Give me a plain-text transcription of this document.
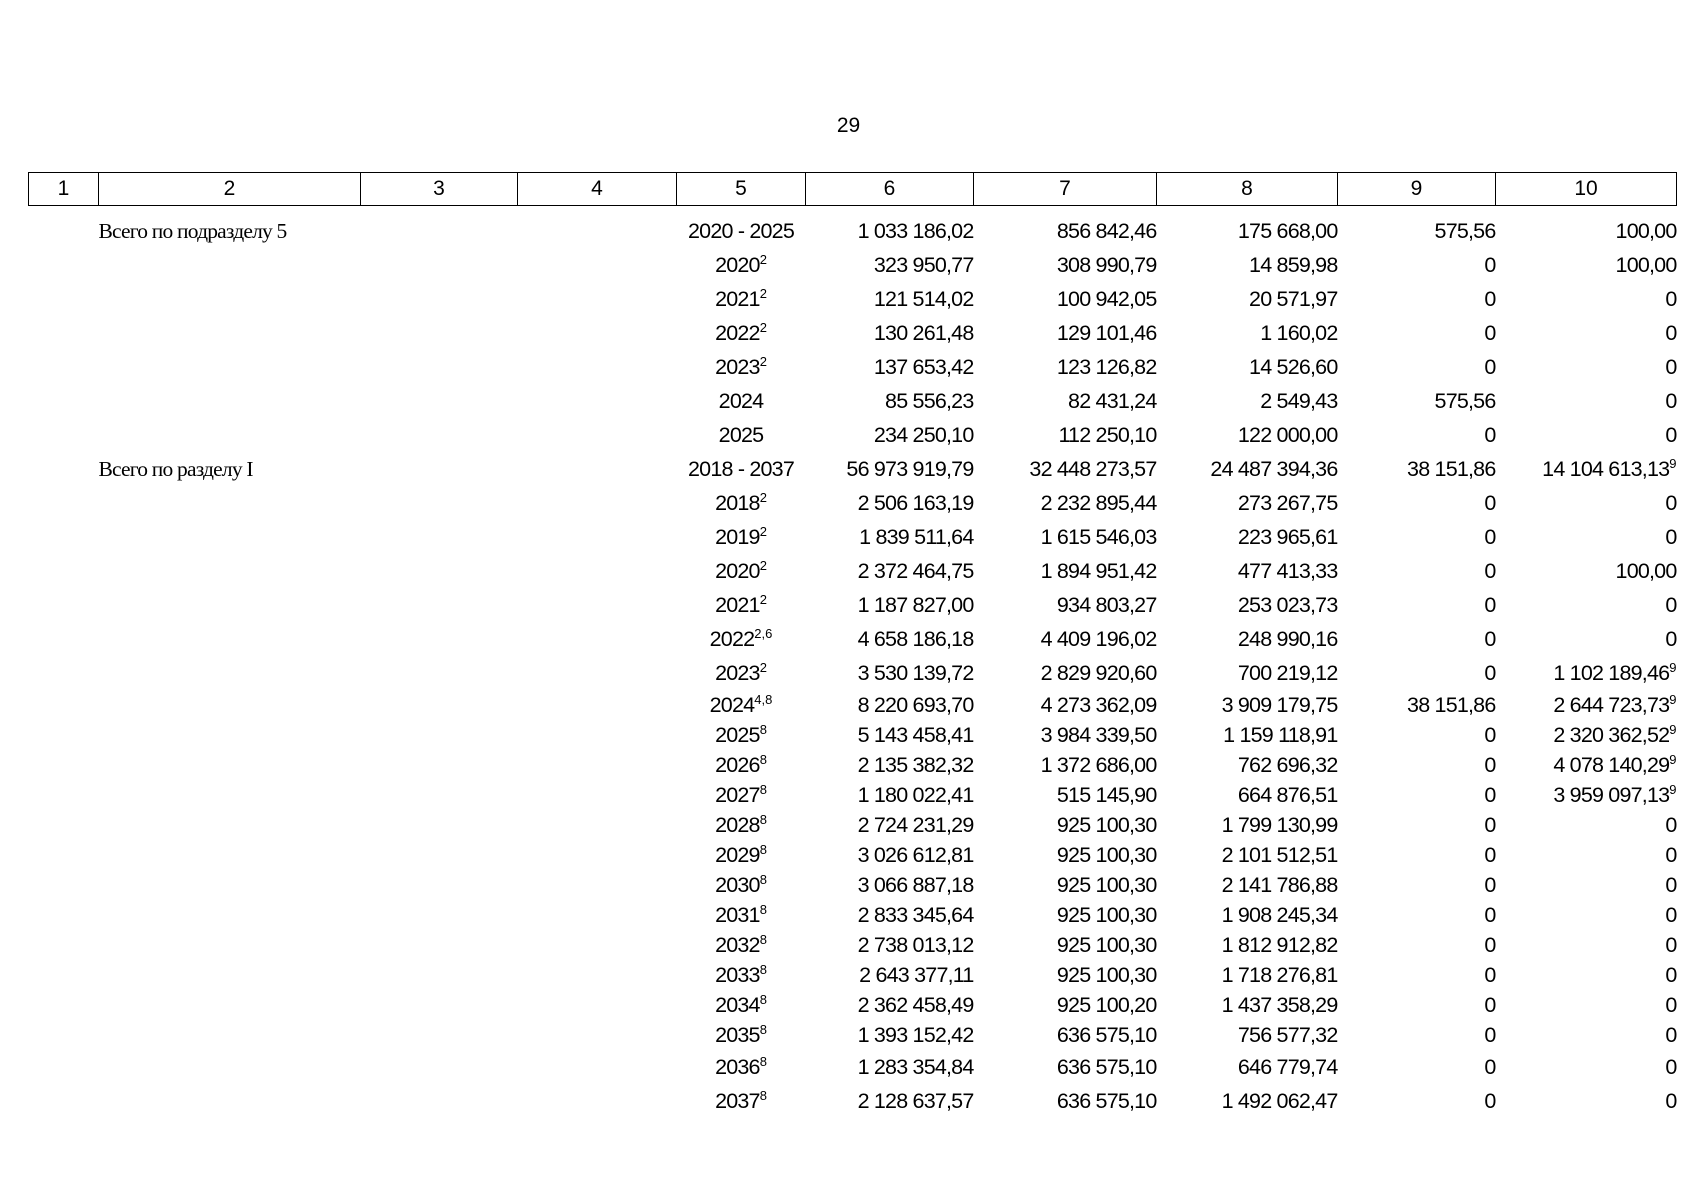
29
1	2	3	4	5	6	7	8	9	10

	Всего по подразделу 5			2020 - 2025	1 033 186,02	856 842,46	175 668,00	575,56	100,00
				2020$^2$	323 950,77	308 990,79	14 859,98	0	100,00
				2021$^2$	121 514,02	100 942,05	20 571,97	0	0
				2022$^2$	130 261,48	129 101,46	1 160,02	0	0
				2023$^2$	137 653,42	123 126,82	14 526,60	0	0
				2024	85 556,23	82 431,24	2 549,43	575,56	0
				2025	234 250,10	112 250,10	122 000,00	0	0
	Всего по разделу I			2018 - 2037	56 973 919,79	32 448 273,57	24 487 394,36	38 151,86	14 104 613,13$^9$
				2018$^2$	2 506 163,19	2 232 895,44	273 267,75	0	0
				2019$^2$	1 839 511,64	1 615 546,03	223 965,61	0	0
				2020$^2$	2 372 464,75	1 894 951,42	477 413,33	0	100,00
				2021$^2$	1 187 827,00	934 803,27	253 023,73	0	0
				2022$^{2,6}$	4 658 186,18	4 409 196,02	248 990,16	0	0
				2023$^2$	3 530 139,72	2 829 920,60	700 219,12	0	1 102 189,46$^9$
				2024$^{4,8}$	8 220 693,70	4 273 362,09	3 909 179,75	38 151,86	2 644 723,73$^9$
				2025$^8$	5 143 458,41	3 984 339,50	1 159 118,91	0	2 320 362,52$^9$
				2026$^8$	2 135 382,32	1 372 686,00	762 696,32	0	4 078 140,29$^9$
				2027$^8$	1 180 022,41	515 145,90	664 876,51	0	3 959 097,13$^9$
				2028$^8$	2 724 231,29	925 100,30	1 799 130,99	0	0
				2029$^8$	3 026 612,81	925 100,30	2 101 512,51	0	0
				2030$^8$	3 066 887,18	925 100,30	2 141 786,88	0	0
				2031$^8$	2 833 345,64	925 100,30	1 908 245,34	0	0
				2032$^8$	2 738 013,12	925 100,30	1 812 912,82	0	0
				2033$^8$	2 643 377,11	925 100,30	1 718 276,81	0	0
				2034$^8$	2 362 458,49	925 100,20	1 437 358,29	0	0
				2035$^8$	1 393 152,42	636 575,10	756 577,32	0	0
				2036$^8$	1 283 354,84	636 575,10	646 779,74	0	0
				2037$^8$	2 128 637,57	636 575,10	1 492 062,47	0	0
